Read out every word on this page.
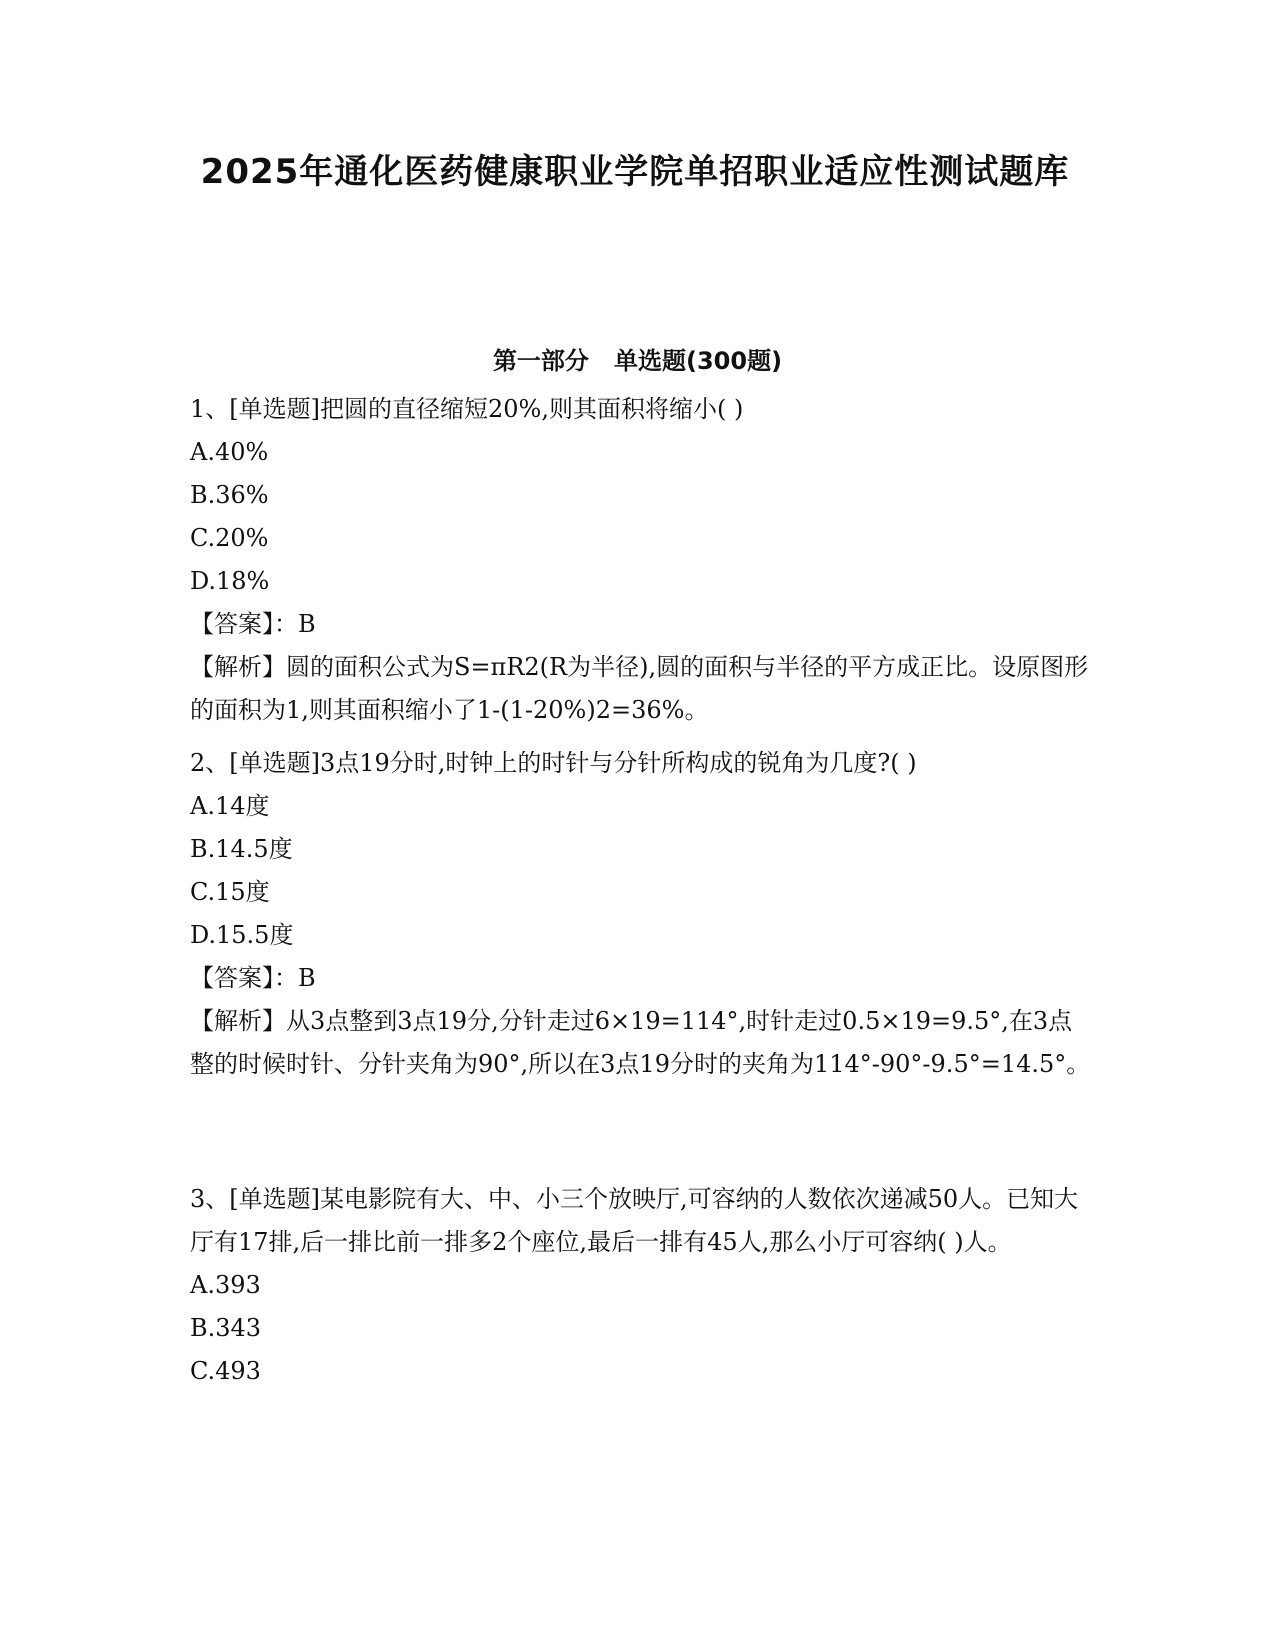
2025年通化医药健康职业学院单招职业适应性测试题库
第一部分   单选题(300题)

1、[单选题]把圆的直径缩短20%,则其面积将缩小( )

A.40%

B.36%

C.20%

D.18%

【答案】：B

【解析】圆的面积公式为S=πR2(R为半径),圆的面积与半径的平方成正比。设原图形的面积为1,则其面积缩小了1-(1-20%)2=36%。

2、[单选题]3点19分时,时钟上的时针与分针所构成的锐角为几度?( )

A.14度

B.14.5度

C.15度

D.15.5度

【答案】：B

【解析】从3点整到3点19分,分针走过6×19=114°,时针走过0.5×19=9.5°,在3点整的时候时针、分针夹角为90°,所以在3点19分时的夹角为114°-90°-9.5°=14.5°。

3、[单选题]某电影院有大、中、小三个放映厅,可容纳的人数依次递减50人。已知大厅有17排,后一排比前一排多2个座位,最后一排有45人,那么小厅可容纳( )人。

A.393

B.343

C.493
